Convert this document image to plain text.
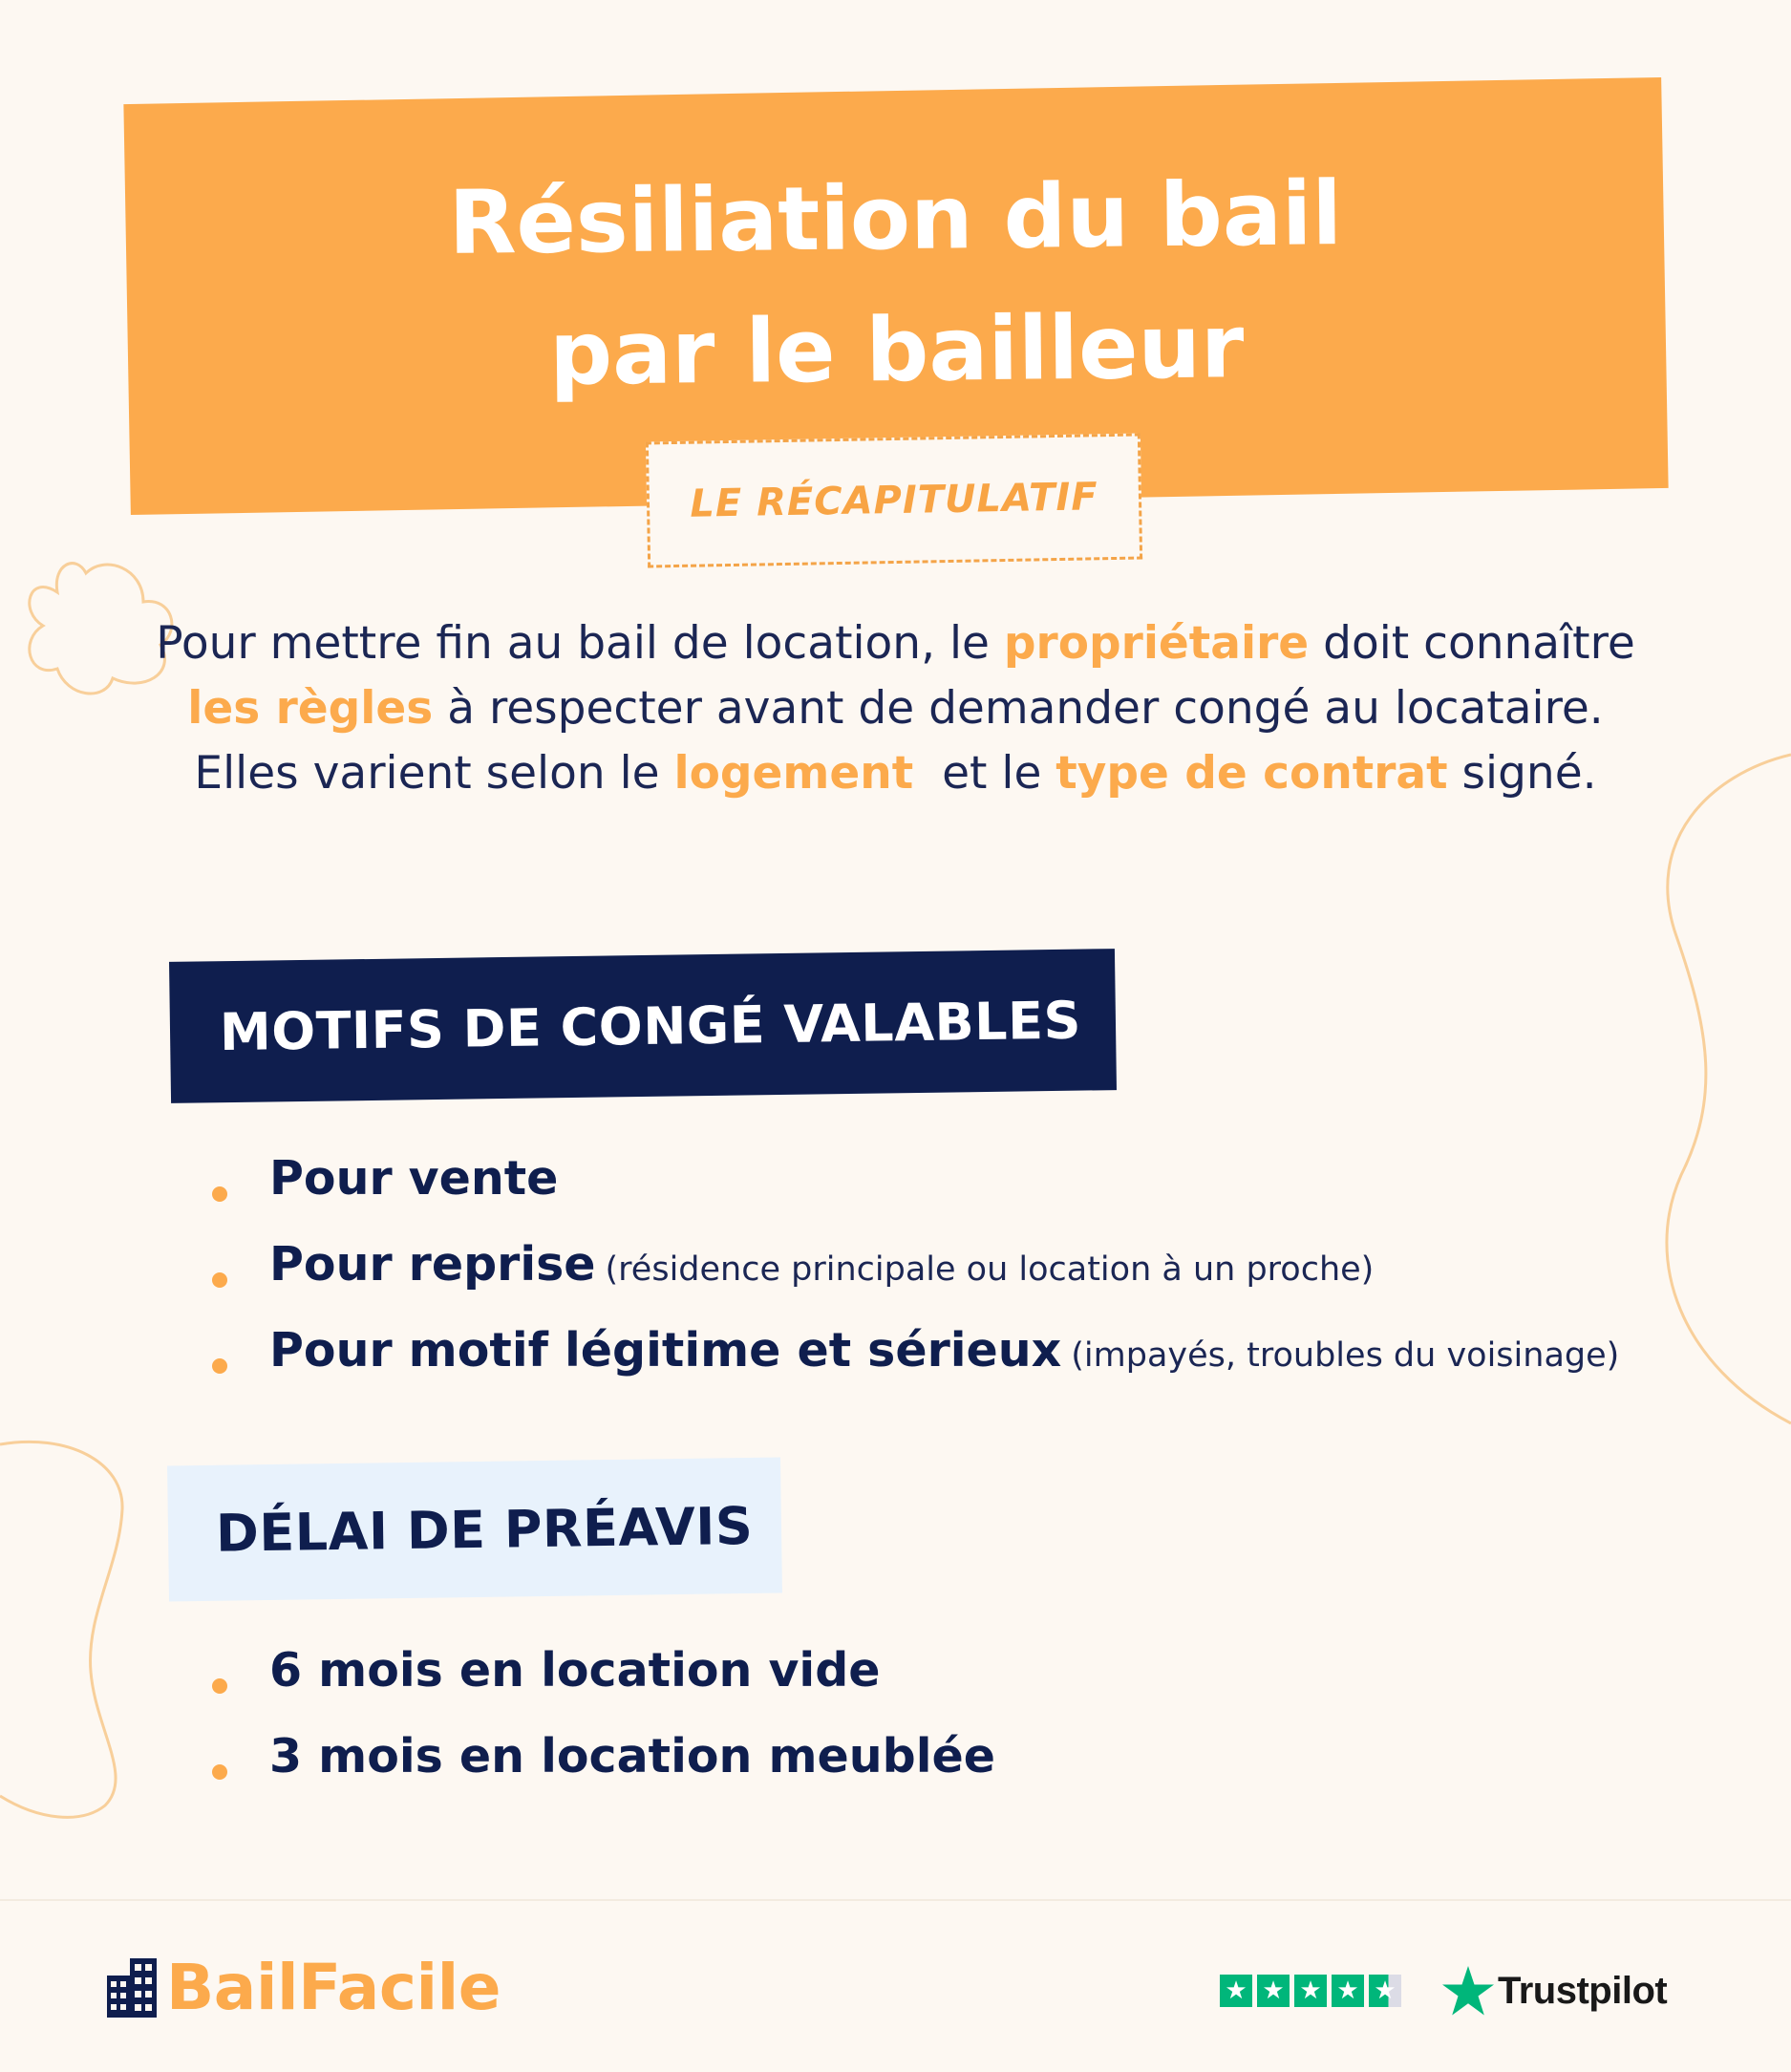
Résiliation du bail
par le bailleur
LE RÉCAPITULATIF

Pour mettre fin au bail de location, le propriétaire doit connaître les règles à respecter avant de demander congé au locataire. Elles varient selon le logement  et le type de contrat signé.

MOTIFS DE CONGÉ VALABLES
Pour vente
Pour reprise (résidence principale ou location à un proche)
Pour motif légitime et sérieux (impayés, troubles du voisinage)
DÉLAI DE PRÉAVIS
6 mois en location vide
3 mois en location meublée
BailFacile	★ ★ ★ ★ ★	Trustpilot
